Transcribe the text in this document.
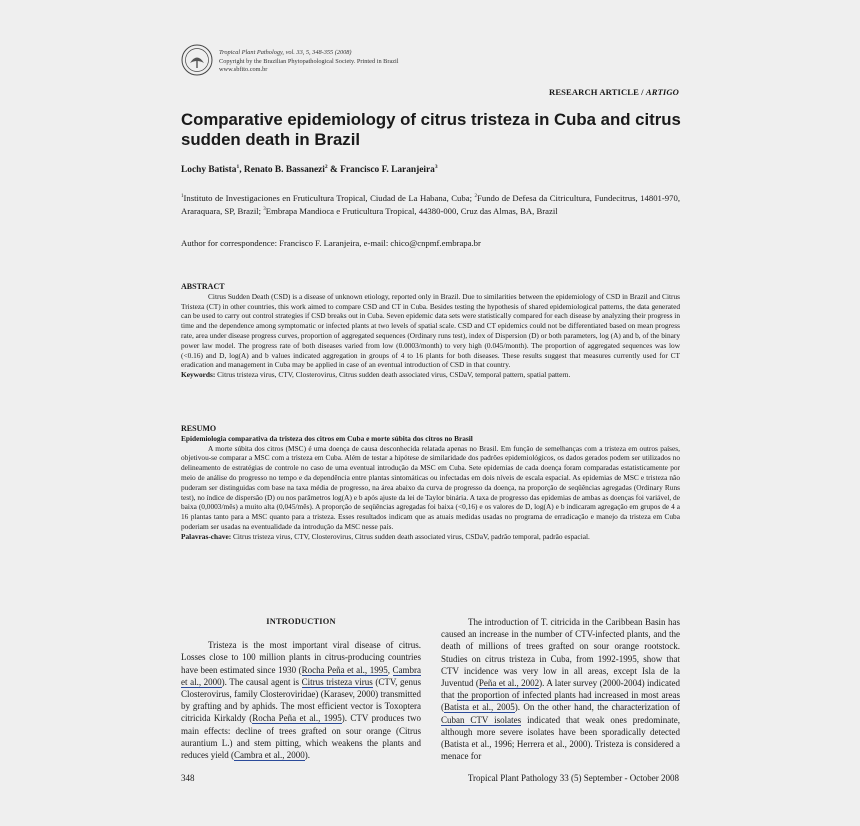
Tropical Plant Pathology, vol. 33, 5, 348-355 (2008)
Copyright by the Brazilian Phytopathological Society. Printed in Brazil
www.sbfito.com.br
RESEARCH ARTICLE / ARTIGO
Comparative epidemiology of citrus tristeza in Cuba and citrus sudden death in Brazil
Lochy Batista$^1$, Renato B. Bassanezi$^2$ & Francisco F. Laranjeira$^3$
$^1$Instituto de Investigaciones en Fruticultura Tropical, Ciudad de La Habana, Cuba; $^2$Fundo de Defesa da Citricultura, Fundecitrus, 14801-970, Araraquara, SP, Brazil; $^3$Embrapa Mandioca e Fruticultura Tropical, 44380-000, Cruz das Almas, BA, Brazil
Author for correspondence: Francisco F. Laranjeira, e-mail: chico@cnpmf.embrapa.br
ABSTRACT

Citrus Sudden Death (CSD) is a disease of unknown etiology, reported only in Brazil. Due to similarities between the epidemiology of CSD in Brazil and Citrus Tristeza (CT) in other countries, this work aimed to compare CSD and CT in Cuba. Besides testing the hypothesis of shared epidemiological patterns, the data generated can be used to carry out control strategies if CSD breaks out in Cuba. Seven epidemic data sets were statistically compared for each disease by analyzing their progress in time and the dependence among symptomatic or infected plants at two levels of spatial scale. CSD and CT epidemics could not be differentiated based on mean progress rate, area under disease progress curves, proportion of aggregated sequences (Ordinary runs test), index of Dispersion (D) or both parameters, log (A) and b, of the binary power law model. The progress rate of both diseases varied from low (0.0003/month) to very high (0.045/month). The proportion of aggregated sequences was low (<0.16) and D, log(A) and b values indicated aggregation in groups of 4 to 16 plants for both diseases. These results suggest that measures currently used for CT eradication and management in Cuba may be applied in case of an eventual introduction of CSD in that country.

Keywords: Citrus tristeza virus, CTV, Closterovirus, Citrus sudden death associated virus, CSDaV, temporal pattern, spatial pattern.

RESUMO

Epidemiologia comparativa da tristeza dos citros em Cuba e morte súbita dos citros no Brasil

A morte súbita dos citros (MSC) é uma doença de causa desconhecida relatada apenas no Brasil. Em função de semelhanças com a tristeza em outros países, objetivou-se comparar a MSC com a tristeza em Cuba. Além de testar a hipótese de similaridade dos padrões epidemiológicos, os dados gerados podem ser utilizados no delineamento de estratégias de controle no caso de uma eventual introdução da MSC em Cuba. Sete epidemias de cada doença foram comparadas estatisticamente por meio de análise do progresso no tempo e da dependência entre plantas sintomáticas ou infectadas em dois níveis de escala espacial. As epidemias de MSC e tristeza não puderam ser distinguidas com base na taxa média de progresso, na área abaixo da curva de progresso da doença, na proporção de seqüências agregadas (Ordinary Runs test), no índice de dispersão (D) ou nos parâmetros log(A) e b após ajuste da lei de Taylor binária. A taxa de progresso das epidemias de ambas as doenças foi variável, de baixa (0,0003/mês) a muito alta (0,045/mês). A proporção de seqüências agregadas foi baixa (<0,16) e os valores de D, log(A) e b indicaram agregação em grupos de 4 a 16 plantas tanto para a MSC quanto para a tristeza. Esses resultados indicam que as atuais medidas usadas no programa de erradicação e manejo da tristeza em Cuba poderiam ser usadas na eventualidade da introdução da MSC nesse país.

Palavras-chave: Citrus tristeza virus, CTV, Closterovirus, Citrus sudden death associated virus, CSDaV, padrão temporal, padrão espacial.

INTRODUCTION

Tristeza is the most important viral disease of citrus. Losses close to 100 million plants in citrus-producing countries have been estimated since 1930 (Rocha Peña et al., 1995, Cambra et al., 2000). The causal agent is Citrus tristeza virus (CTV, genus Closterovirus, family Closteroviridae) (Karasev, 2000) transmitted by grafting and by aphids. The most efficient vector is Toxoptera citricida Kirkaldy (Rocha Peña et al., 1995). CTV produces two main effects: decline of trees grafted on sour orange (Citrus aurantium L.) and stem pitting, which weakens the plants and reduces yield (Cambra et al., 2000).

The introduction of T. citricida in the Caribbean Basin has caused an increase in the number of CTV-infected plants, and the death of millions of trees grafted on sour orange rootstock. Studies on citrus tristeza in Cuba, from 1992-1995, show that CTV incidence was very low in all areas, except Isla de la Juventud (Peña et al., 2002). A later survey (2000-2004) indicated that the proportion of infected plants had increased in most areas (Batista et al., 2005). On the other hand, the characterization of Cuban CTV isolates indicated that weak ones predominate, although more severe isolates have been sporadically detected (Batista et al., 1996; Herrera et al., 2000). Tristeza is considered a menace for

348	Tropical Plant Pathology 33 (5) September - October 2008
